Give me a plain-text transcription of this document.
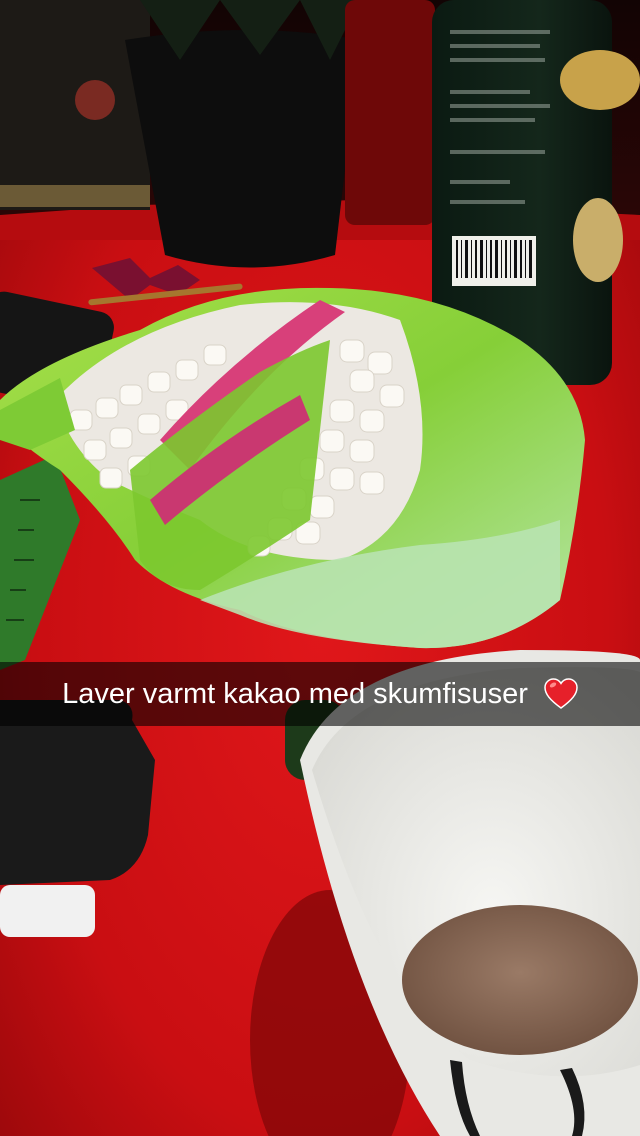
Laver varmt kakao med skumfisuser
